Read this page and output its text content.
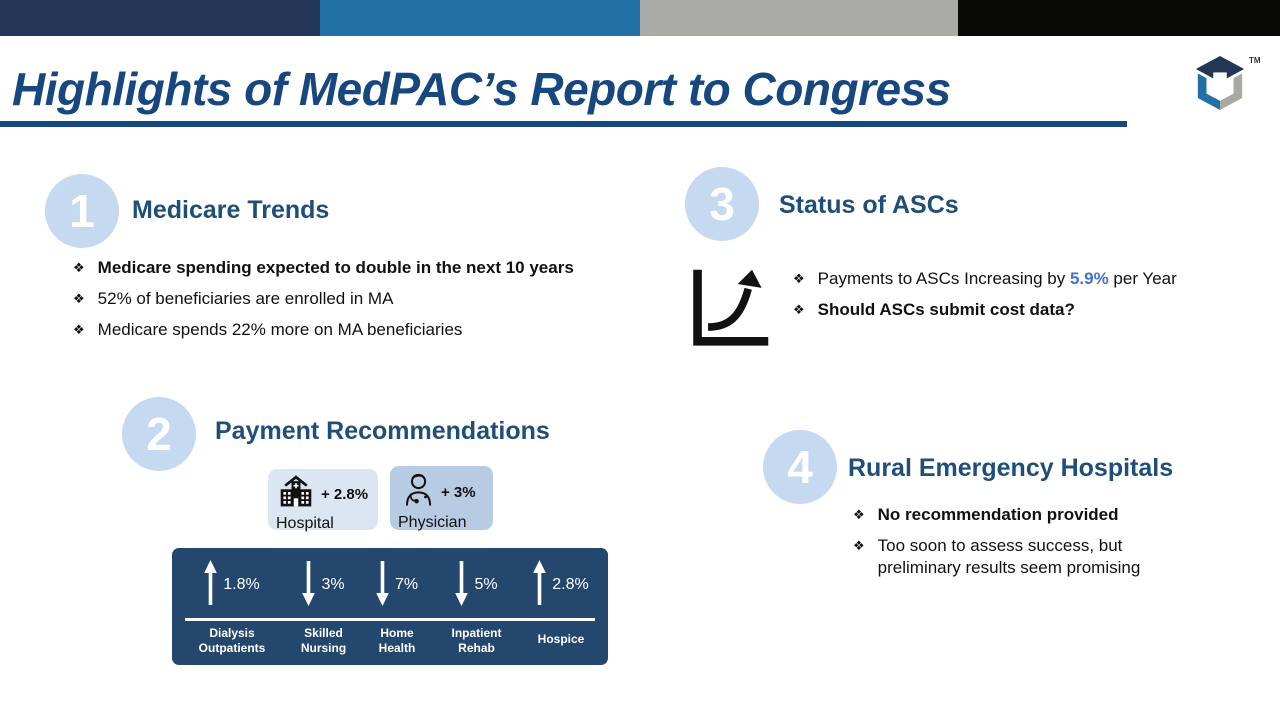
Highlights of MedPAC’s Report to Congress
TM
1 Medicare Trends
❖ Medicare spending expected to double in the next 10 years
❖ 52% of beneficiaries are enrolled in MA
❖ Medicare spends 22% more on MA beneficiaries
2 Payment Recommendations
+ 2.8%
Hospital
+ 3%
Physician
1.8%
Dialysis Outpatients
3%
Skilled Nursing
7%
Home Health
5%
Inpatient Rehab
2.8%
Hospice
3 Status of ASCs
❖ Payments to ASCs Increasing by 5.9% per Year
❖ Should ASCs submit cost data?
4 Rural Emergency Hospitals
❖ No recommendation provided
❖ Too soon to assess success, but
preliminary results seem promising
